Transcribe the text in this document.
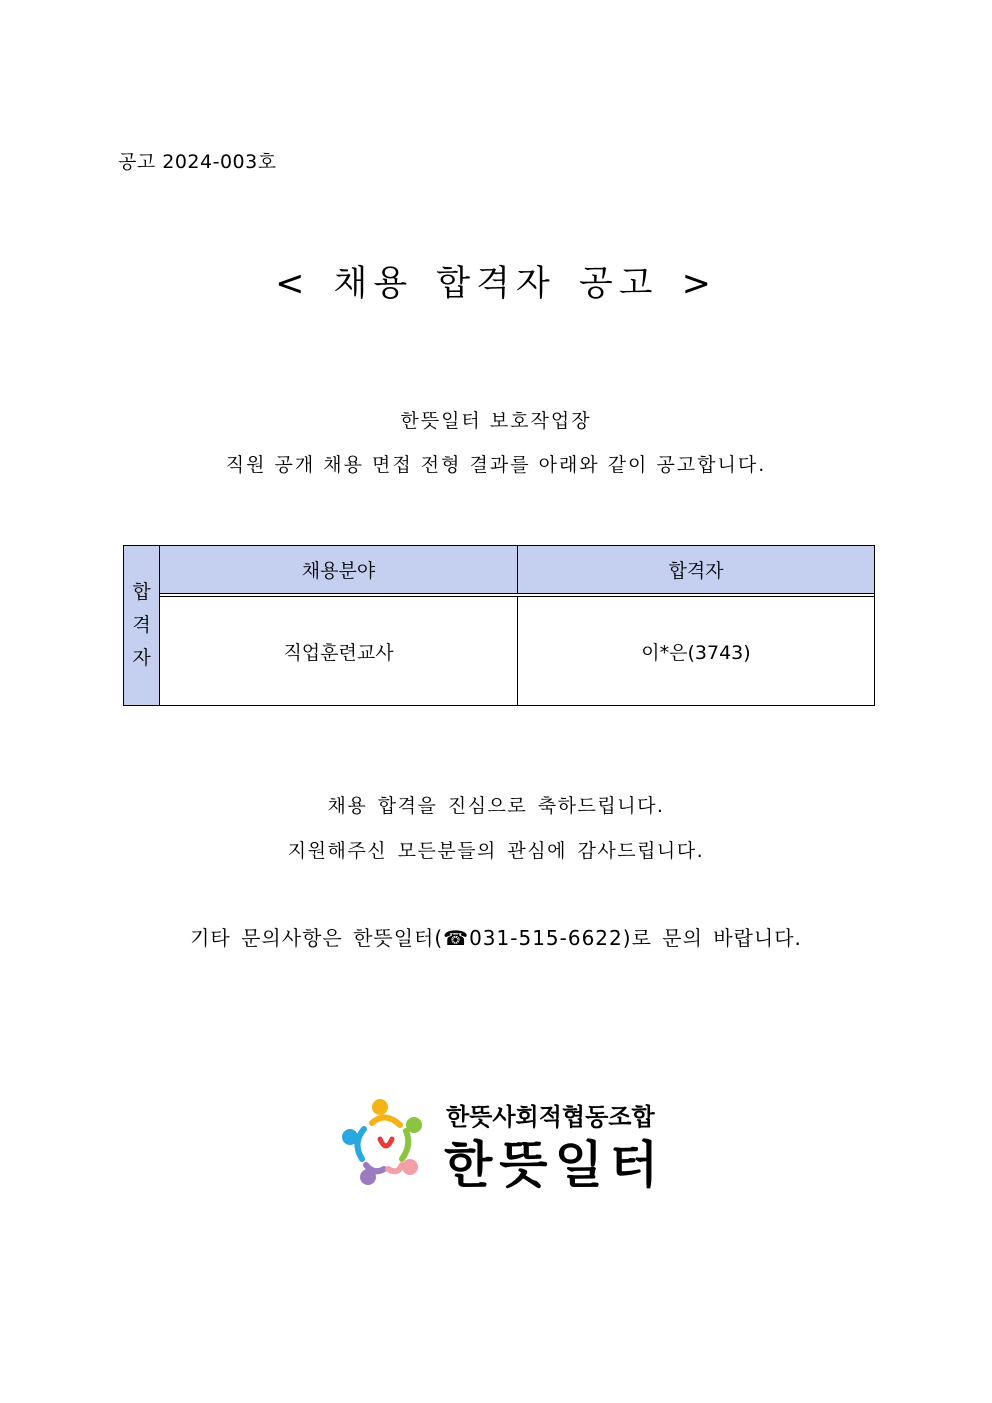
공고 2024-003호
< 채용 합격자 공고 >
한뜻일터 보호작업장
직원 공개 채용 면접 전형 결과를 아래와 같이 공고합니다.
합
격
자
채용분야	합격자
직업훈련교사	이*은(3743)
채용 합격을 진심으로 축하드립니다.
지원해주신 모든분들의 관심에 감사드립니다.
기타 문의사항은 한뜻일터(☎031-515-6622)로 문의 바랍니다.
한뜻사회적협동조합
한뜻일터
